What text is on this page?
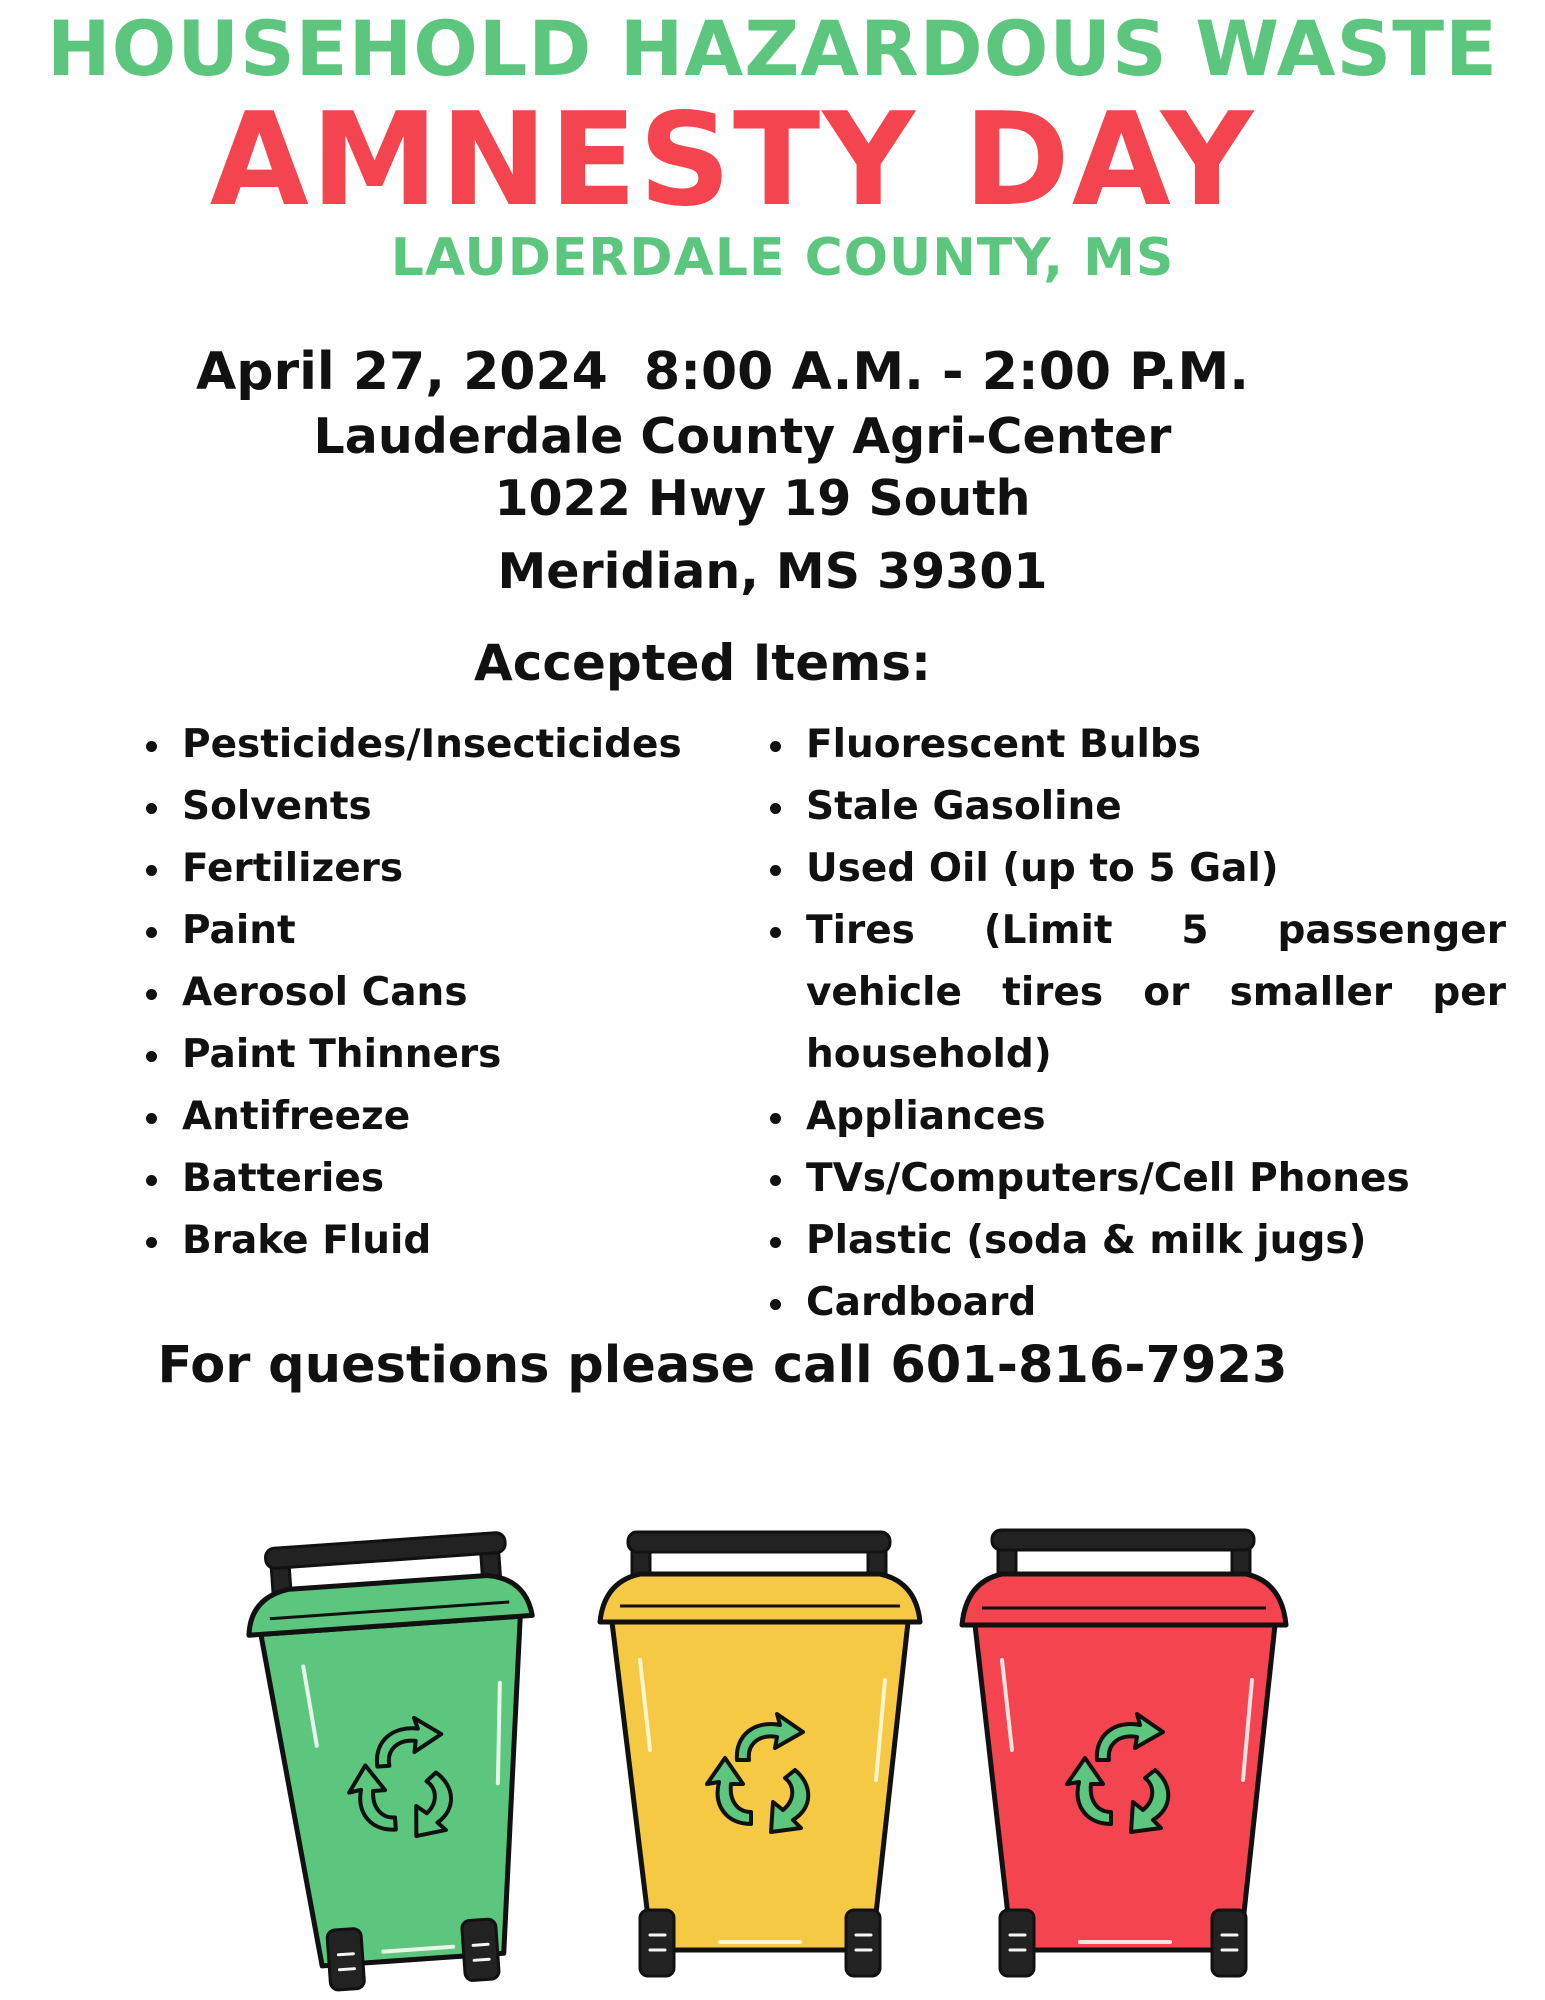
HOUSEHOLD HAZARDOUS WASTE
AMNESTY DAY
LAUDERDALE COUNTY, MS
April 27, 2024  8:00 A.M. - 2:00 P.M.
Lauderdale County Agri-Center
1022 Hwy 19 South
Meridian, MS 39301
Accepted Items:
Pesticides/Insecticides
Solvents
Fertilizers
Paint
Aerosol Cans
Paint Thinners
Antifreeze
Batteries
Brake Fluid
Fluorescent Bulbs
Stale Gasoline
Used Oil (up to 5 Gal)
Tires (Limit 5 passenger vehicle tires or smaller per household)
Appliances
TVs/Computers/Cell Phones
Plastic (soda & milk jugs)
Cardboard
For questions please call 601-816-7923
